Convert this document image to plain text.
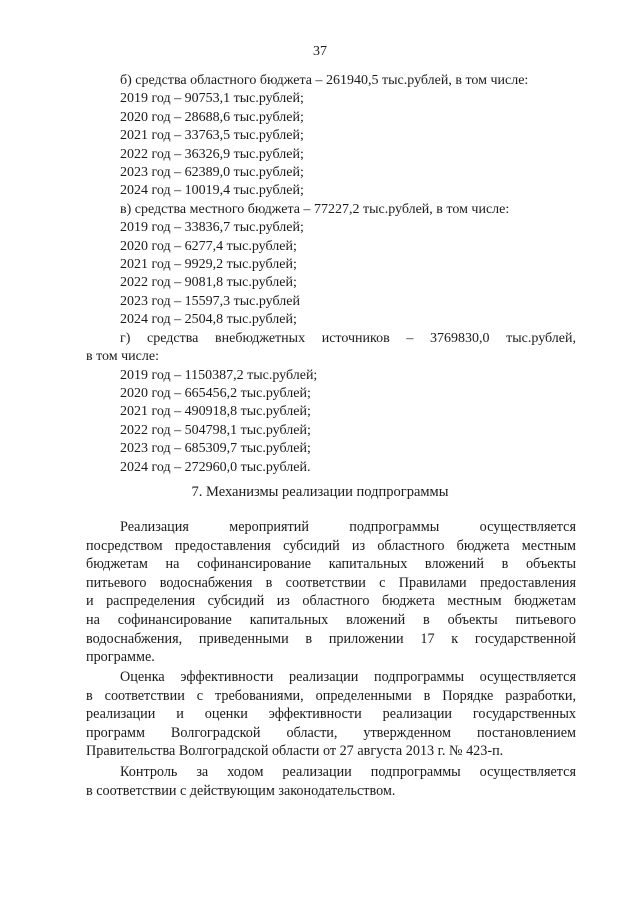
37
б) средства областного бюджета – 261940,5 тыс.рублей, в том числе:
2019 год – 90753,1 тыс.рублей;
2020 год – 28688,6 тыс.рублей;
2021 год – 33763,5 тыс.рублей;
2022 год – 36326,9 тыс.рублей;
2023 год – 62389,0 тыс.рублей;
2024 год – 10019,4 тыс.рублей;
в) средства местного бюджета – 77227,2 тыс.рублей, в том числе:
2019 год – 33836,7 тыс.рублей;
2020 год – 6277,4 тыс.рублей;
2021 год – 9929,2 тыс.рублей;
2022 год – 9081,8 тыс.рублей;
2023 год – 15597,3 тыс.рублей
2024 год – 2504,8 тыс.рублей;
г) средства внебюджетных источников – 3769830,0 тыс.рублей,
в том числе:
2019 год – 1150387,2 тыс.рублей;
2020 год – 665456,2 тыс.рублей;
2021 год – 490918,8 тыс.рублей;
2022 год – 504798,1 тыс.рублей;
2023 год – 685309,7 тыс.рублей;
2024 год – 272960,0 тыс.рублей.
7. Механизмы реализации подпрограммы
Реализация мероприятий подпрограммы осуществляется
посредством предоставления субсидий из областного бюджета местным
бюджетам на софинансирование капитальных вложений в объекты
питьевого водоснабжения в соответствии с Правилами предоставления
и распределения субсидий из областного бюджета местным бюджетам
на софинансирование капитальных вложений в объекты питьевого
водоснабжения, приведенными в приложении 17 к государственной
программе.
Оценка эффективности реализации подпрограммы осуществляется
в соответствии с требованиями, определенными в Порядке разработки,
реализации и оценки эффективности реализации государственных
программ Волгоградской области, утвержденном постановлением
Правительства Волгоградской области от 27 августа 2013 г. № 423-п.
Контроль за ходом реализации подпрограммы осуществляется
в соответствии с действующим законодательством.
